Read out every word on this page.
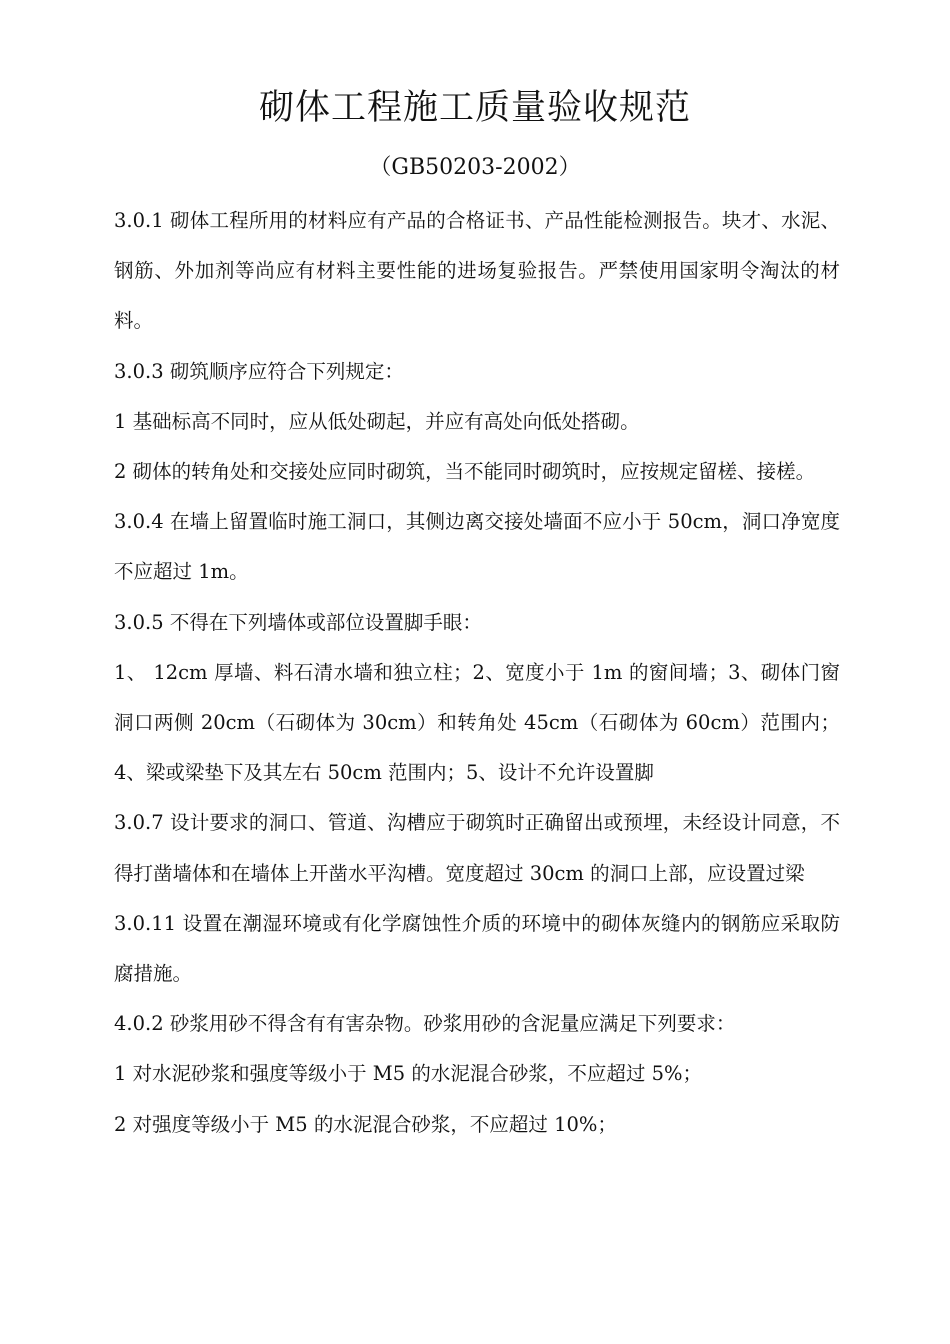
砌体工程施工质量验收规范
（GB50203-2002）

3.0.1 砌体工程所用的材料应有产品的合格证书、产品性能检测报告。块才、水泥、钢筋、外加剂等尚应有材料主要性能的进场复验报告。严禁使用国家明令淘汰的材料。

3.0.3 砌筑顺序应符合下列规定：

1 基础标高不同时，应从低处砌起，并应有高处向低处搭砌。

2 砌体的转角处和交接处应同时砌筑，当不能同时砌筑时，应按规定留槎、接槎。

3.0.4 在墙上留置临时施工洞口，其侧边离交接处墙面不应小于 50cm，洞口净宽度不应超过 1m。

3.0.5 不得在下列墙体或部位设置脚手眼：

1、 12cm 厚墙、料石清水墙和独立柱；2、宽度小于 1m 的窗间墙；3、砌体门窗洞口两侧 20cm（石砌体为 30cm）和转角处 45cm（石砌体为 60cm）范围内；4、梁或梁垫下及其左右 50cm 范围内；5、设计不允许设置脚

3.0.7 设计要求的洞口、管道、沟槽应于砌筑时正确留出或预埋，未经设计同意，不得打凿墙体和在墙体上开凿水平沟槽。宽度超过 30cm 的洞口上部，应设置过梁

3.0.11 设置在潮湿环境或有化学腐蚀性介质的环境中的砌体灰缝内的钢筋应采取防腐措施。

4.0.2 砂浆用砂不得含有有害杂物。砂浆用砂的含泥量应满足下列要求：

1 对水泥砂浆和强度等级小于 M5 的水泥混合砂浆，不应超过 5%；

2 对强度等级小于 M5 的水泥混合砂浆，不应超过 10%；
